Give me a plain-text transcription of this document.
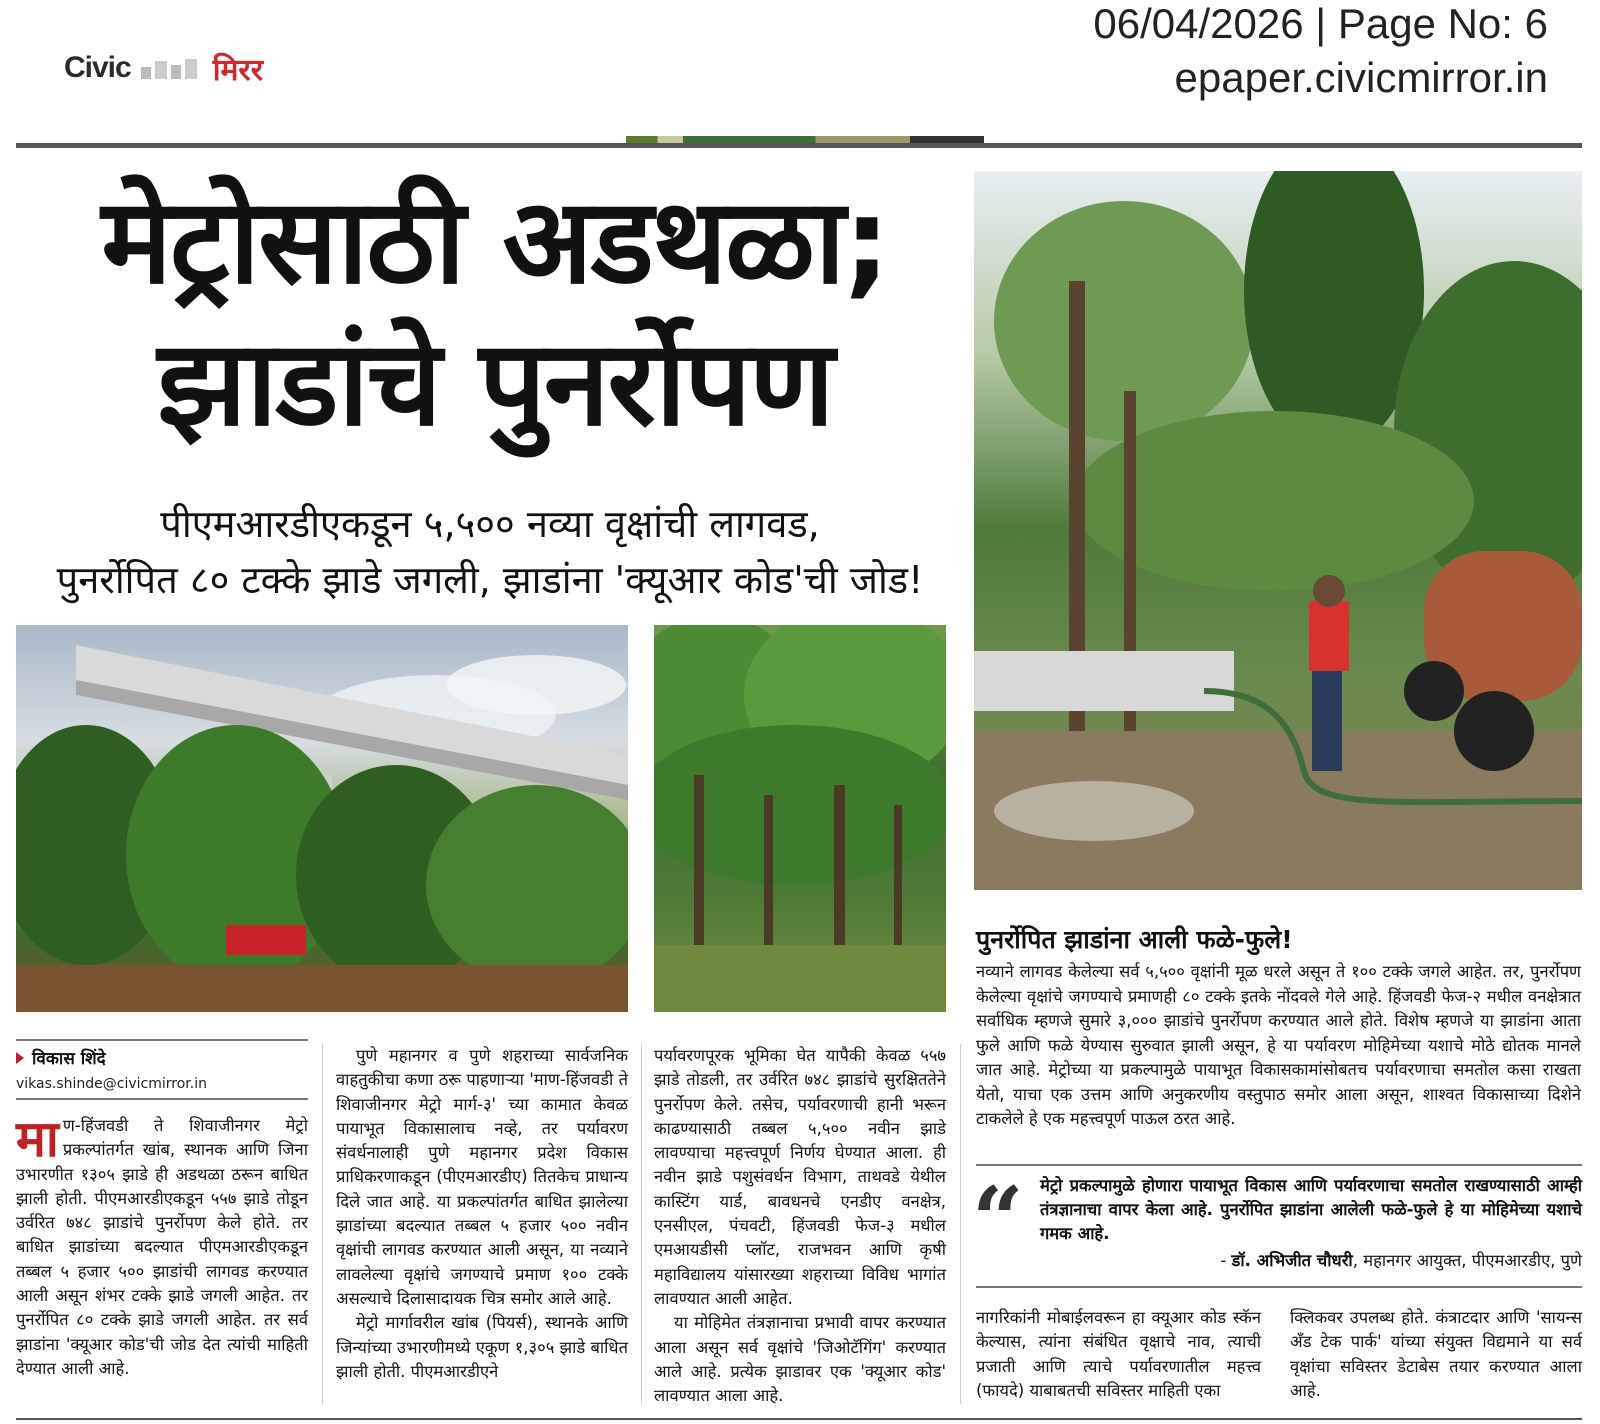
Civic	मिरर
06/04/2026 | Page No: 6
epaper.civicmirror.in
मेट्रोसाठी अडथळा;
झाडांचे पुनर्रोपण
पीएमआरडीएकडून ५,५०० नव्या वृक्षांची लागवड,
पुनर्रोपित ८० टक्के झाडे जगली, झाडांना 'क्यूआर कोड'ची जोड!
पुनर्रोपित झाडांना आली फळे-फुले!
नव्याने लागवड केलेल्या सर्व ५,५०० वृक्षांनी मूळ धरले असून ते १०० टक्के जगले आहेत. तर, पुनर्रोपण केलेल्या वृक्षांचे जगण्याचे प्रमाणही ८० टक्के इतके नोंदवले गेले आहे. हिंजवडी फेज-२ मधील वनक्षेत्रात सर्वाधिक म्हणजे सुमारे ३,००० झाडांचे पुनर्रोपण करण्यात आले होते. विशेष म्हणजे या झाडांना आता फुले आणि फळे येण्यास सुरुवात झाली असून, हे या पर्यावरण मोहिमेच्या यशाचे मोठे द्योतक मानले जात आहे. मेट्रोच्या या प्रकल्पामुळे पायाभूत विकासकामांसोबतच पर्यावरणाचा समतोल कसा राखता येतो, याचा एक उत्तम आणि अनुकरणीय वस्तुपाठ समोर आला असून, शाश्वत विकासाच्या दिशेने टाकलेले हे एक महत्त्वपूर्ण पाऊल ठरत आहे.
“ मेट्रो प्रकल्पामुळे होणारा पायाभूत विकास आणि पर्यावरणाचा समतोल राखण्यासाठी आम्ही तंत्रज्ञानाचा वापर केला आहे. पुनर्रोपित झाडांना आलेली फळे-फुले हे या मोहिमेच्या यशाचे गमक आहे.
- डॉ. अभिजीत चौधरी, महानगर आयुक्त, पीएमआरडीए, पुणे
विकास शिंदे
vikas.shinde@civicmirror.in
माण-हिंजवडी ते शिवाजीनगर मेट्रो प्रकल्पांतर्गत खांब, स्थानक आणि जिना उभारणीत १३०५ झाडे ही अडथळा ठरून बाधित झाली होती. पीएमआरडीएकडून ५५७ झाडे तोडून उर्वरित ७४८ झाडांचे पुनर्रोपण केले होते. तर बाधित झाडांच्या बदल्यात पीएमआरडीएकडून तब्बल ५ हजार ५०० झाडांची लागवड करण्यात आली असून शंभर टक्के झाडे जगली आहेत. तर पुनर्रोपित ८० टक्के झाडे जगली आहेत. तर सर्व झाडांना 'क्यूआर कोड'ची जोड देत त्यांची माहिती देण्यात आली आहे.
पुणे महानगर व पुणे शहराच्या सार्वजनिक वाहतुकीचा कणा ठरू पाहणाऱ्या 'माण-हिंजवडी ते शिवाजीनगर मेट्रो मार्ग-३' च्या कामात केवळ पायाभूत विकासालाच नव्हे, तर पर्यावरण संवर्धनालाही पुणे महानगर प्रदेश विकास प्राधिकरणाकडून (पीएमआरडीए) तितकेच प्राधान्य दिले जात आहे. या प्रकल्पांतर्गत बाधित झालेल्या झाडांच्या बदल्यात तब्बल ५ हजार ५०० नवीन वृक्षांची लागवड करण्यात आली असून, या नव्याने लावलेल्या वृक्षांचे जगण्याचे प्रमाण १०० टक्के असल्याचे दिलासादायक चित्र समोर आले आहे.
मेट्रो मार्गावरील खांब (पियर्स), स्थानके आणि जिन्यांच्या उभारणीमध्ये एकूण १,३०५ झाडे बाधित झाली होती. पीएमआरडीएने
पर्यावरणपूरक भूमिका घेत यापैकी केवळ ५५७ झाडे तोडली, तर उर्वरित ७४८ झाडांचे सुरक्षिततेने पुनर्रोपण केले. तसेच, पर्यावरणाची हानी भरून काढण्यासाठी तब्बल ५,५०० नवीन झाडे लावण्याचा महत्त्वपूर्ण निर्णय घेण्यात आला. ही नवीन झाडे पशुसंवर्धन विभाग, ताथवडे येथील कास्टिंग यार्ड, बावधनचे एनडीए वनक्षेत्र, एनसीएल, पंचवटी, हिंजवडी फेज-३ मधील एमआयडीसी प्लॉट, राजभवन आणि कृषी महाविद्यालय यांसारख्या शहराच्या विविध भागांत लावण्यात आली आहेत.
या मोहिमेत तंत्रज्ञानाचा प्रभावी वापर करण्यात आला असून सर्व वृक्षांचे 'जिओटॅगिंग' करण्यात आले आहे. प्रत्येक झाडावर एक 'क्यूआर कोड' लावण्यात आला आहे.
नागरिकांनी मोबाईलवरून हा क्यूआर कोड स्कॅन केल्यास, त्यांना संबंधित वृक्षाचे नाव, त्याची प्रजाती आणि त्याचे पर्यावरणातील महत्त्व (फायदे) याबाबतची सविस्तर माहिती एका
क्लिकवर उपलब्ध होते. कंत्राटदार आणि 'सायन्स अँड टेक पार्क' यांच्या संयुक्त विद्यमाने या सर्व वृक्षांचा सविस्तर डेटाबेस तयार करण्यात आला आहे.
